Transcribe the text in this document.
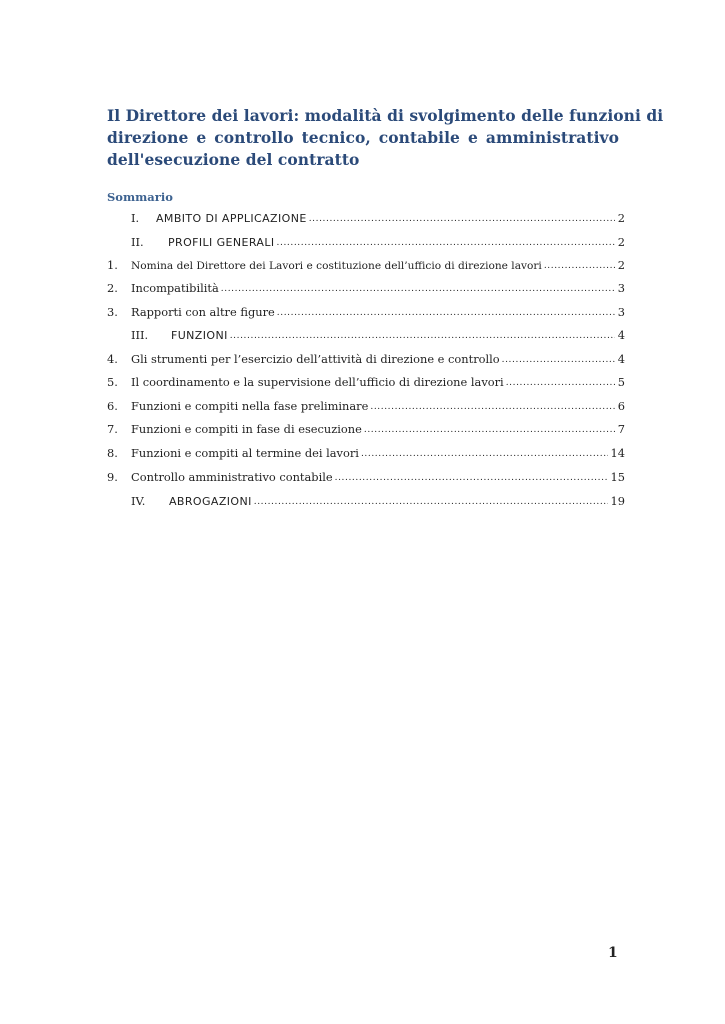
Il Direttore dei lavori: modalità di svolgimento delle funzioni di
direzione e controllo tecnico, contabile e amministrativo
dell'esecuzione del contratto
Sommario
I.	AMBITO DI APPLICAZIONE .....	2
II.	PROFILI GENERALI .....	2
1.	Nomina del Direttore dei Lavori e costituzione dell’ufficio di direzione lavori .....	2
2.	Incompatibilità .....	3
3.	Rapporti con altre figure .....	3
III.	FUNZIONI .....	4
4.	Gli strumenti per l’esercizio dell’attività di direzione e controllo .....	4
5.	Il coordinamento e la supervisione dell’ufficio di direzione lavori .....	5
6.	Funzioni e compiti nella fase preliminare .....	6
7.	Funzioni e compiti in fase di esecuzione .....	7
8.	Funzioni e compiti al termine dei lavori .....	14
9.	Controllo amministrativo contabile .....	15
IV.	ABROGAZIONI .....	19
1
